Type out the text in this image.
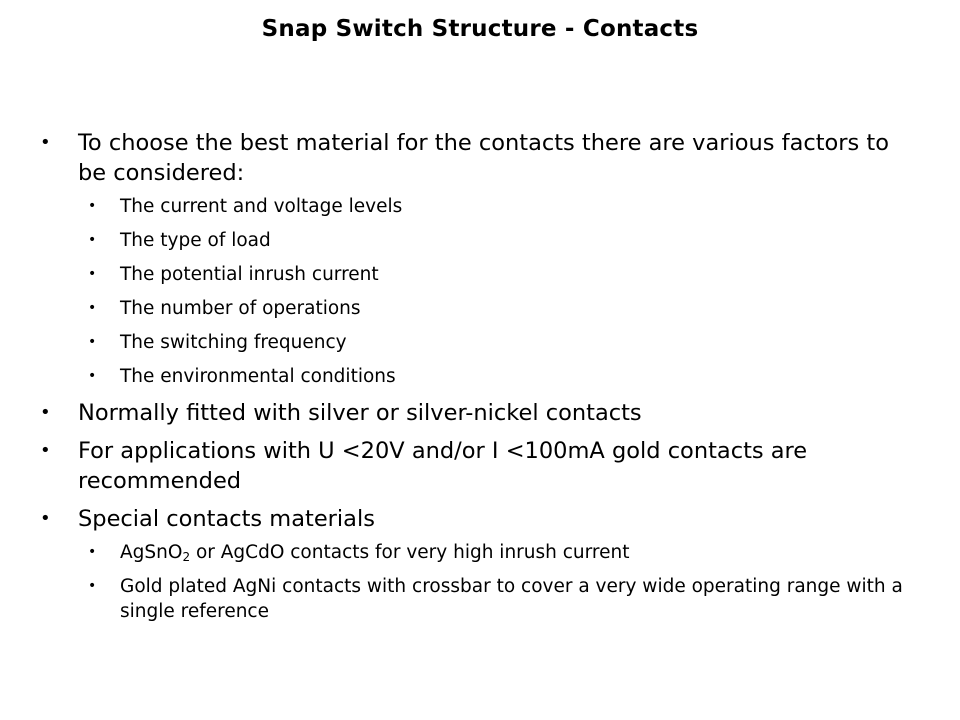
Snap Switch Structure - Contacts
• To choose the best material for the contacts there are various factors to be considered:
• The current and voltage levels
• The type of load
• The potential inrush current
• The number of operations
• The switching frequency
• The environmental conditions
• Normally fitted with silver or silver-nickel contacts
• For applications with U <20V and/or I <100mA gold contacts are recommended
• Special contacts materials
• AgSnO$_2$ or AgCdO contacts for very high inrush current
• Gold plated AgNi contacts with crossbar to cover a very wide operating range with a single reference
